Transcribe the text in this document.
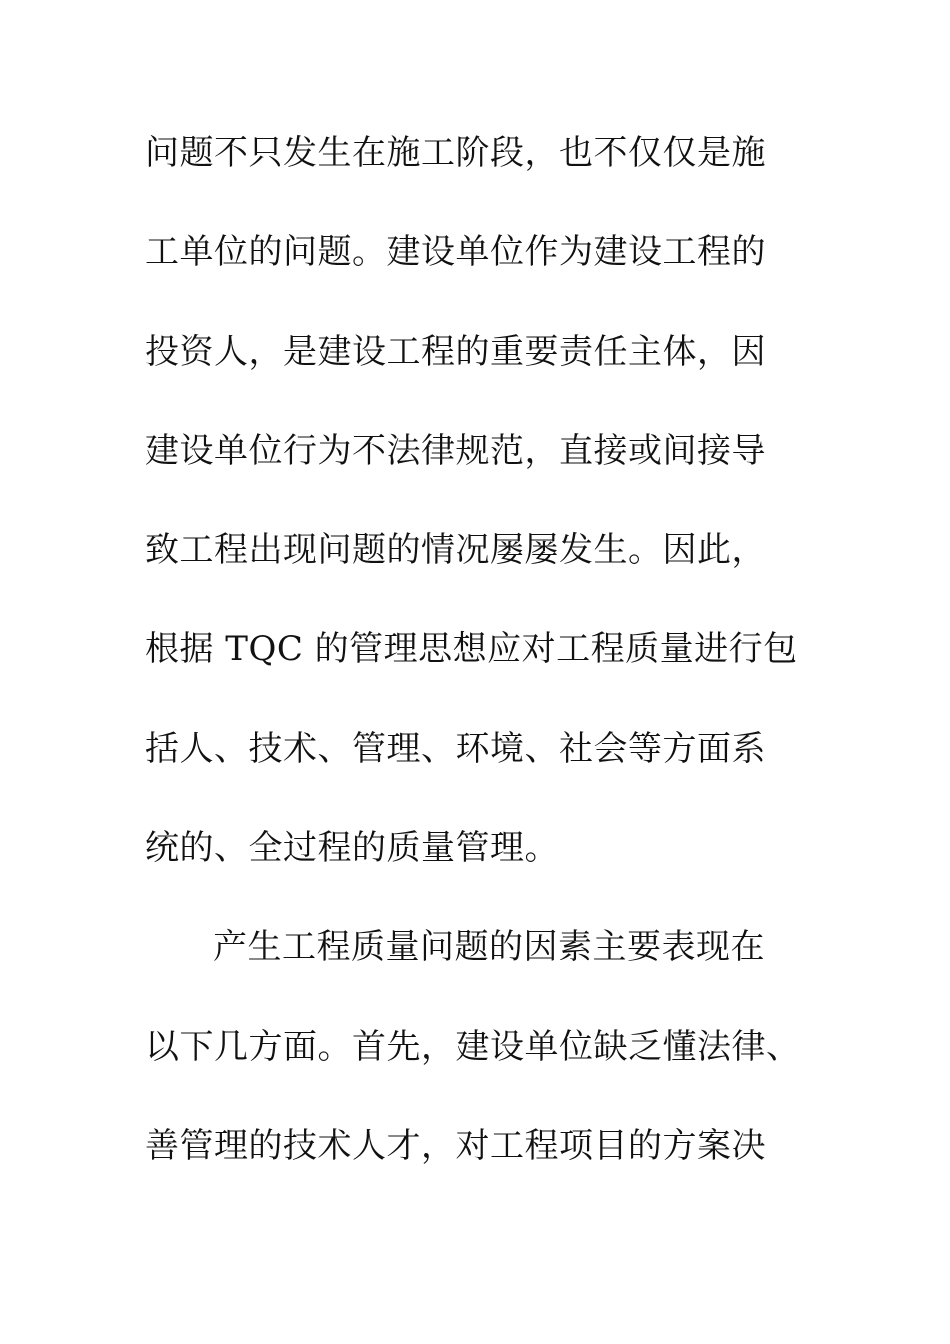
问题不只发生在施工阶段，也不仅仅是施
工单位的问题。建设单位作为建设工程的
投资人，是建设工程的重要责任主体，因
建设单位行为不法律规范，直接或间接导
致工程出现问题的情况屡屡发生。因此，
根据 TQC 的管理思想应对工程质量进行包
括人、技术、管理、环境、社会等方面系
统的、全过程的质量管理。
产生工程质量问题的因素主要表现在
以下几方面。首先，建设单位缺乏懂法律、
善管理的技术人才，对工程项目的方案决
